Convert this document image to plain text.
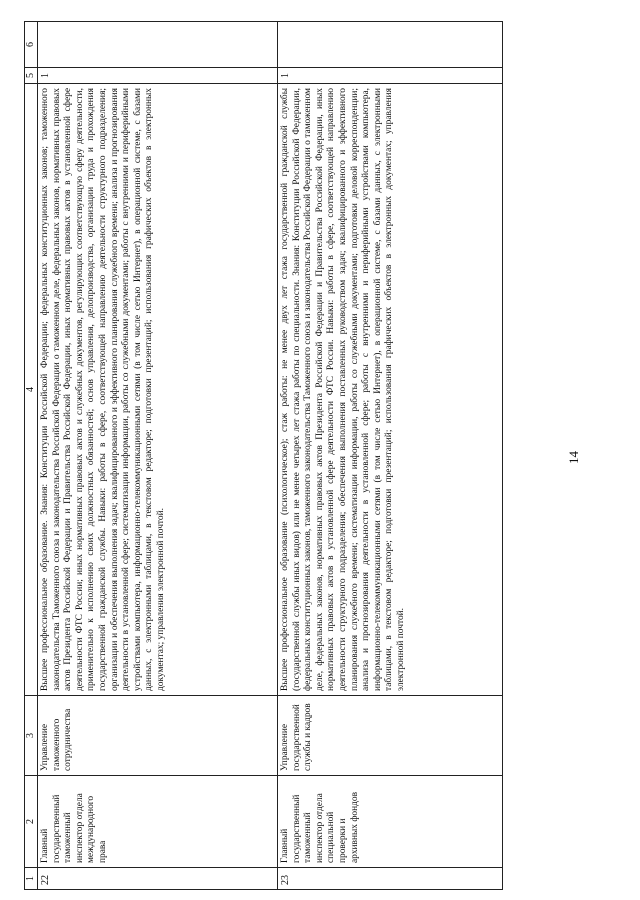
14
1	2	3	4	5	6
22	Главный государственный таможенный инспектор отдела международного права	Управление таможенного сотрудничества	Высшее профессиональное образование. Знания: Конституции Российской Федерации; федеральных конституционных законов; таможенного законодательства Таможенного союза и законодательства Российской Федерации о таможенном деле, федеральных законов, нормативных правовых актов Президента Российской Федерации и Правительства Российской Федерации, иных нормативных правовых актов в установленной сфере деятельности ФТС России; иных нормативных правовых актов и служебных документов, регулирующих соответствующую сферу деятельности, применительно к исполнению своих должностных обязанностей; основ управления, делопроизводства, организации труда и прохождения государственной гражданской службы. Навыки: работы в сфере, соответствующей направлению деятельности структурного подразделения; организации и обеспечения выполнения задач; квалифицированного и эффективного планирования служебного времени; анализа и прогнозирования деятельности в установленной сфере; систематизации информации, работы со служебными документами; работы с внутренними и периферийными устройствами компьютера, информационно-телекоммуникационными сетями (в том числе сетью Интернет), в операционной системе, с базами данных, с электронными таблицами, в текстовом редакторе; подготовки презентаций; использования графических объектов в электронных документах; управления электронной почтой.	1	
23	Главный государственный таможенный инспектор отдела специальной проверки и архивных фондов	Управление государственной службы и кадров	Высшее профессиональное образование (психологическое); стаж работы: не менее двух лет стажа государственной гражданской службы (государственной службы иных видов) или не менее четырех лет стажа работы по специальности. Знания: Конституции Российской Федерации, федеральных конституционных законов, таможенного законодательства Таможенного союза и законодательства Российской Федерации о таможенном деле, федеральных законов, нормативных правовых актов Президента Российской Федерации и Правительства Российской Федерации, иных нормативных правовых актов в установленной сфере деятельности ФТС России. Навыки: работы в сфере, соответствующей направлению деятельности структурного подразделения; обеспечения выполнения поставленных руководством задач; квалифицированного и эффективного планирования служебного времени; систематизации информации, работы со служебными документами; подготовки деловой корреспонденции; анализа и прогнозирования деятельности в установленной сфере; работы с внутренними и периферийными устройствами компьютера, информационно-телекоммуникационными сетями (в том числе сетью Интернет), в операционной системе, с базами данных, с электронными таблицами, в текстовом редакторе; подготовки презентаций; использования графических объектов в электронных документах; управления электронной почтой.	1	
